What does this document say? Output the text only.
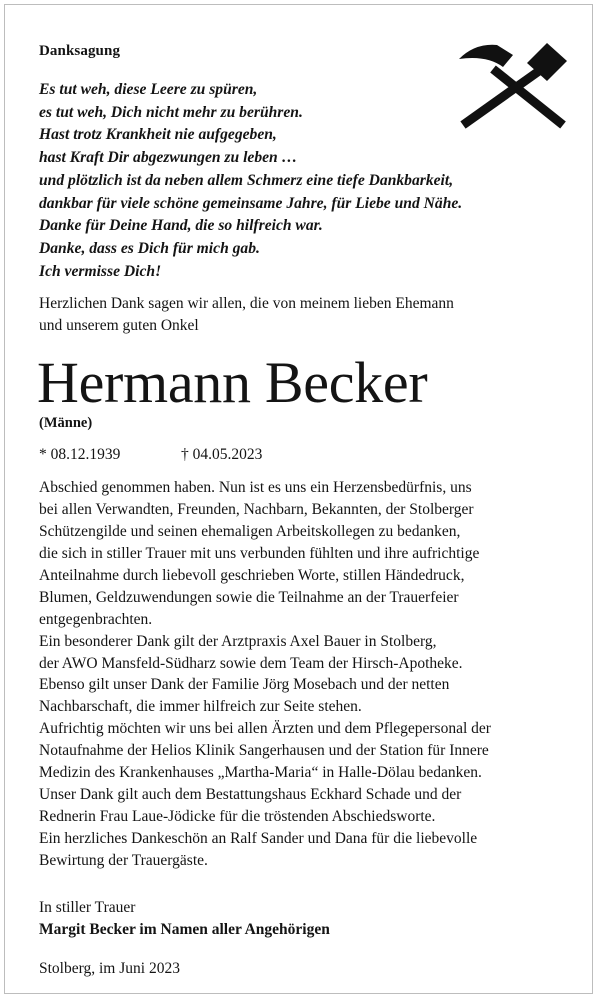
Danksagung
Es tut weh, diese Leere zu spüren,
es tut weh, Dich nicht mehr zu berühren.
Hast trotz Krankheit nie aufgegeben,
hast Kraft Dir abgezwungen zu leben …
und plötzlich ist da neben allem Schmerz eine tiefe Dankbarkeit,
dankbar für viele schöne gemeinsame Jahre, für Liebe und Nähe.
Danke für Deine Hand, die so hilfreich war.
Danke, dass es Dich für mich gab.
Ich vermisse Dich!
Herzlichen Dank sagen wir allen, die von meinem lieben Ehemann
und unserem guten Onkel
Hermann Becker
(Männe)
* 08.12.1939	† 04.05.2023
Abschied genommen haben. Nun ist es uns ein Herzensbedürfnis, uns
bei allen Verwandten, Freunden, Nachbarn, Bekannten, der Stolberger
Schützengilde und seinen ehemaligen Arbeitskollegen zu bedanken,
die sich in stiller Trauer mit uns verbunden fühlten und ihre aufrichtige
Anteilnahme durch liebevoll geschrieben Worte, stillen Händedruck,
Blumen, Geldzuwendungen sowie die Teilnahme an der Trauerfeier
entgegenbrachten.
Ein besonderer Dank gilt der Arztpraxis Axel Bauer in Stolberg,
der AWO Mansfeld-Südharz sowie dem Team der Hirsch-Apotheke.
Ebenso gilt unser Dank der Familie Jörg Mosebach und der netten
Nachbarschaft, die immer hilfreich zur Seite stehen.
Aufrichtig möchten wir uns bei allen Ärzten und dem Pflegepersonal der
Notaufnahme der Helios Klinik Sangerhausen und der Station für Innere
Medizin des Krankenhauses „Martha-Maria“ in Halle-Dölau bedanken.
Unser Dank gilt auch dem Bestattungshaus Eckhard Schade und der
Rednerin Frau Laue-Jödicke für die tröstenden Abschiedsworte.
Ein herzliches Dankeschön an Ralf Sander und Dana für die liebevolle
Bewirtung der Trauergäste.
In stiller Trauer
Margit Becker im Namen aller Angehörigen
Stolberg, im Juni 2023
